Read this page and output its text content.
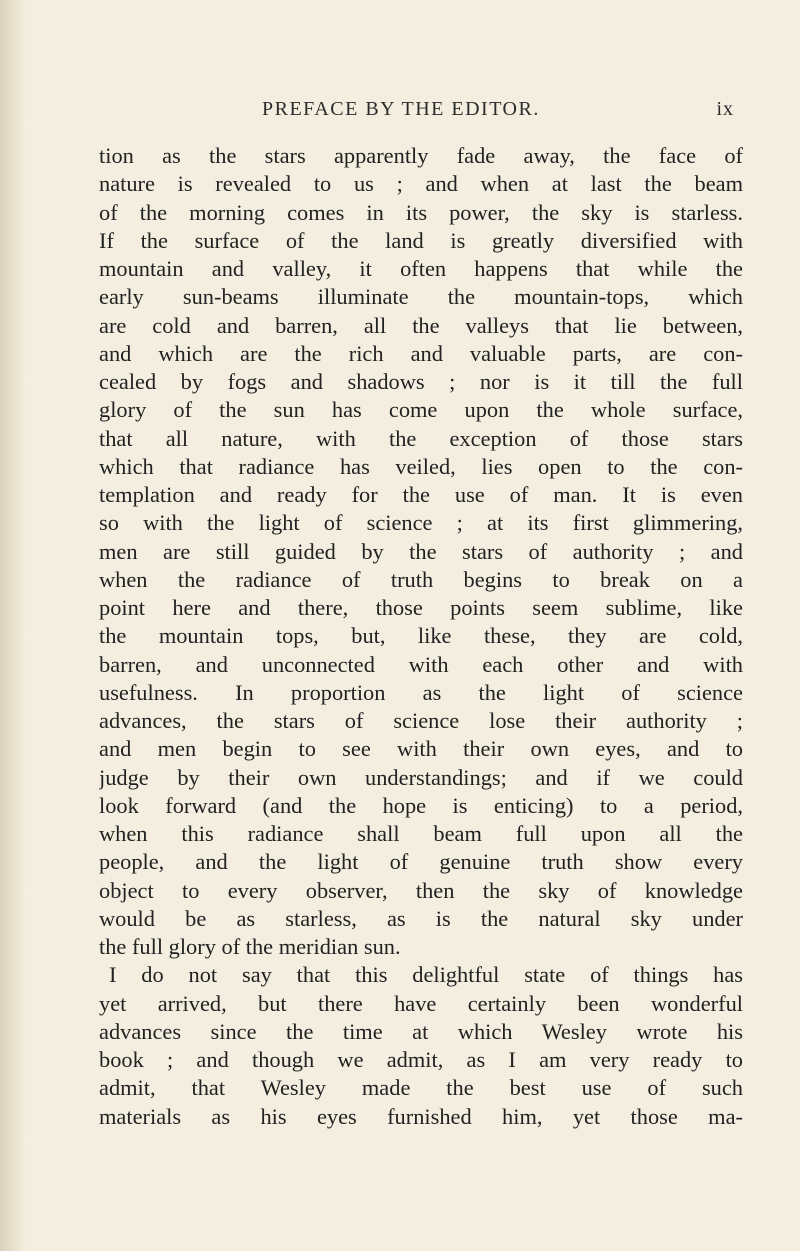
PREFACE BY THE EDITOR.	ix
tion as the stars apparently fade away, the face of
nature is revealed to us ; and when at last the beam
of the morning comes in its power, the sky is starless.
If the surface of the land is greatly diversified with
mountain and valley, it often happens that while the
early sun-beams illuminate the mountain-tops, which
are cold and barren, all the valleys that lie between,
and which are the rich and valuable parts, are con-
cealed by fogs and shadows ; nor is it till the full
glory of the sun has come upon the whole surface,
that all nature, with the exception of those stars
which that radiance has veiled, lies open to the con-
templation and ready for the use of man. It is even
so with the light of science ; at its first glimmering,
men are still guided by the stars of authority ; and
when the radiance of truth begins to break on a
point here and there, those points seem sublime, like
the mountain tops, but, like these, they are cold,
barren, and unconnected with each other and with
usefulness. In proportion as the light of science
advances, the stars of science lose their authority ;
and men begin to see with their own eyes, and to
judge by their own understandings; and if we could
look forward (and the hope is enticing) to a period,
when this radiance shall beam full upon all the
people, and the light of genuine truth show every
object to every observer, then the sky of knowledge
would be as starless, as is the natural sky under
the full glory of the meridian sun.
I do not say that this delightful state of things has
yet arrived, but there have certainly been wonderful
advances since the time at which Wesley wrote his
book ; and though we admit, as I am very ready to
admit, that Wesley made the best use of such
materials as his eyes furnished him, yet those ma-
